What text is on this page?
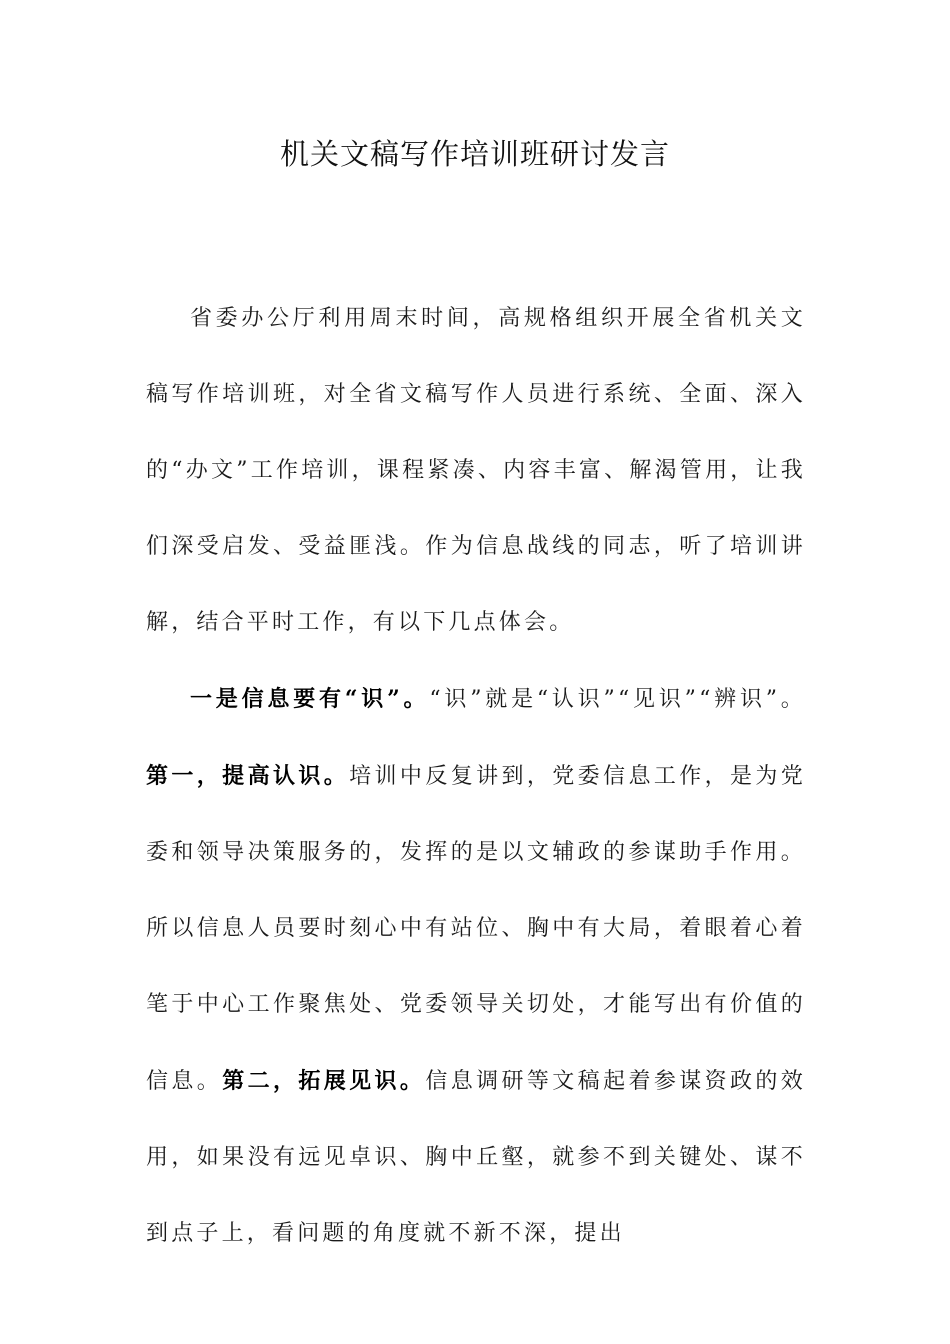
机关文稿写作培训班研讨发言

省委办公厅利用周末时间，高规格组织开展全省机关文稿写作培训班，对全省文稿写作人员进行系统、全面、深入的“办文”工作培训，课程紧凑、内容丰富、解渴管用，让我们深受启发、受益匪浅。作为信息战线的同志，听了培训讲解，结合平时工作，有以下几点体会。

一是信息要有“识”。“识”就是“认识”“见识”“辨识”。第一，提高认识。培训中反复讲到，党委信息工作，是为党委和领导决策服务的，发挥的是以文辅政的参谋助手作用。所以信息人员要时刻心中有站位、胸中有大局，着眼着心着笔于中心工作聚焦处、党委领导关切处，才能写出有价值的信息。第二，拓展见识。信息调研等文稿起着参谋资政的效用，如果没有远见卓识、胸中丘壑，就参不到关键处、谋不到点子上，看问题的角度就不新不深，提出
